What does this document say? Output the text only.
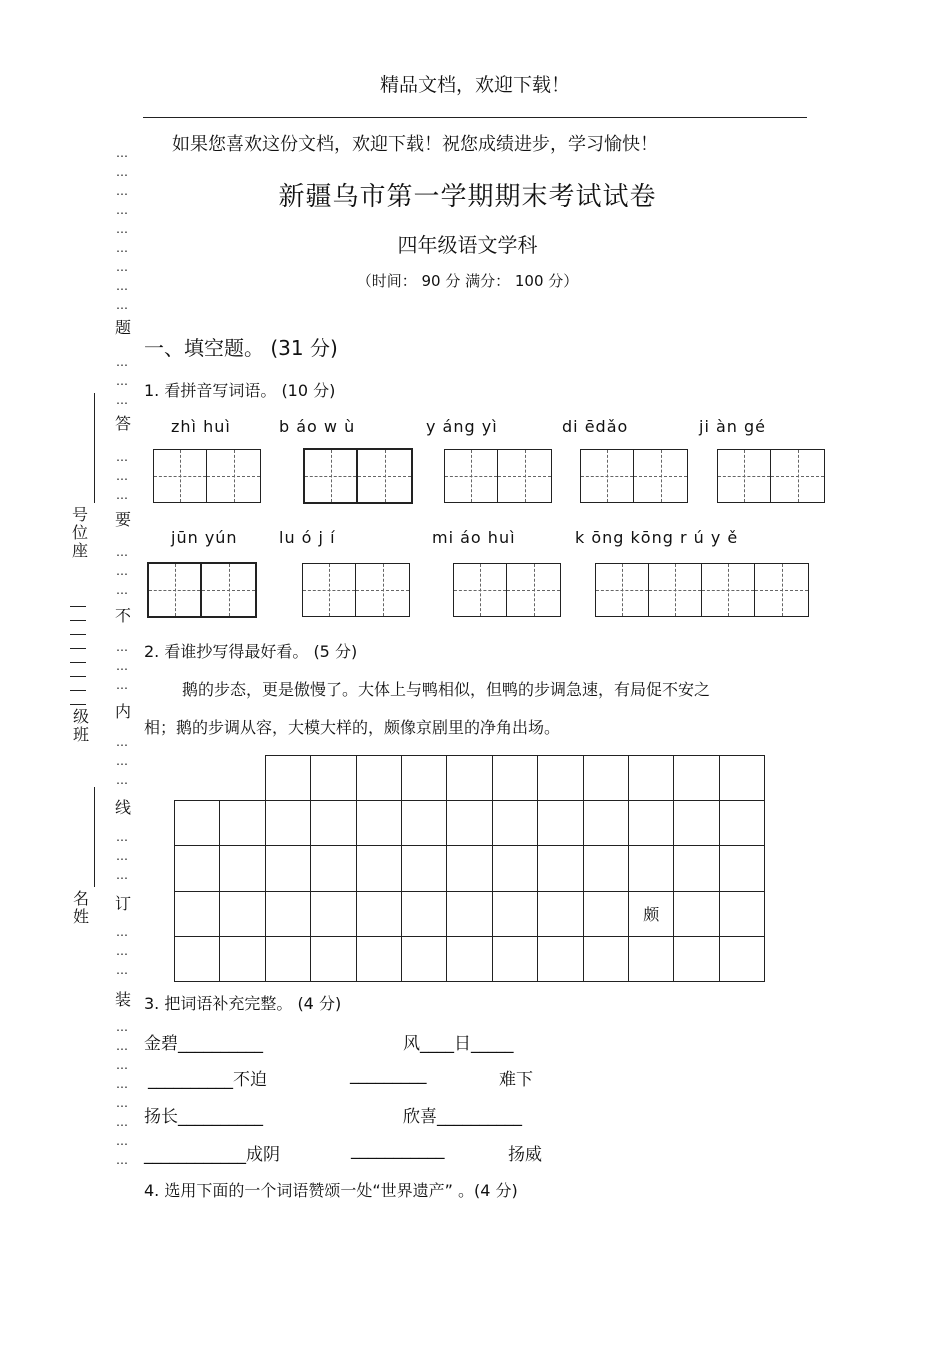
精品文档，欢迎下载！
如果您喜欢这份文档，欢迎下载！祝您成绩进步，学习愉快！
新疆乌市第一学期期末考试试卷
四年级语文学科
（时间： 90 分 满分： 100 分）
…
…
…
…
…
…
…
…
…
…
…
…
…
…
…
…
…
…
…
…
…
…
…
…
…
…
…
…
…
…
…
…
…
…
…
…
…
…
题
答
要
不
内
线
订
装
号位座
级班
名姓
一、填空题。 (31 分)
1. 看拼音写词语。 (10 分)
zhì huì	b áo w ù	y áng yì	di ēdǎo	ji àn gé
jūn yún	lu ó j í	mi áo huì	k ōng kōng r ú y ě
2. 看谁抄写得最好看。 (5 分)
鹅的步态，更是傲慢了。大体上与鸭相似，但鸭的步调急速，有局促不安之
相；鹅的步调从容，大模大样的，颇像京剧里的净角出场。
颇
3. 把词语补充完整。 (4 分)
金碧__________	风____日_____
__________不迫	_________	难下
扬长__________	欣喜__________
____________成阴	___________	扬威
4. 选用下面的一个词语赞颂一处“世界遗产” 。(4 分)
